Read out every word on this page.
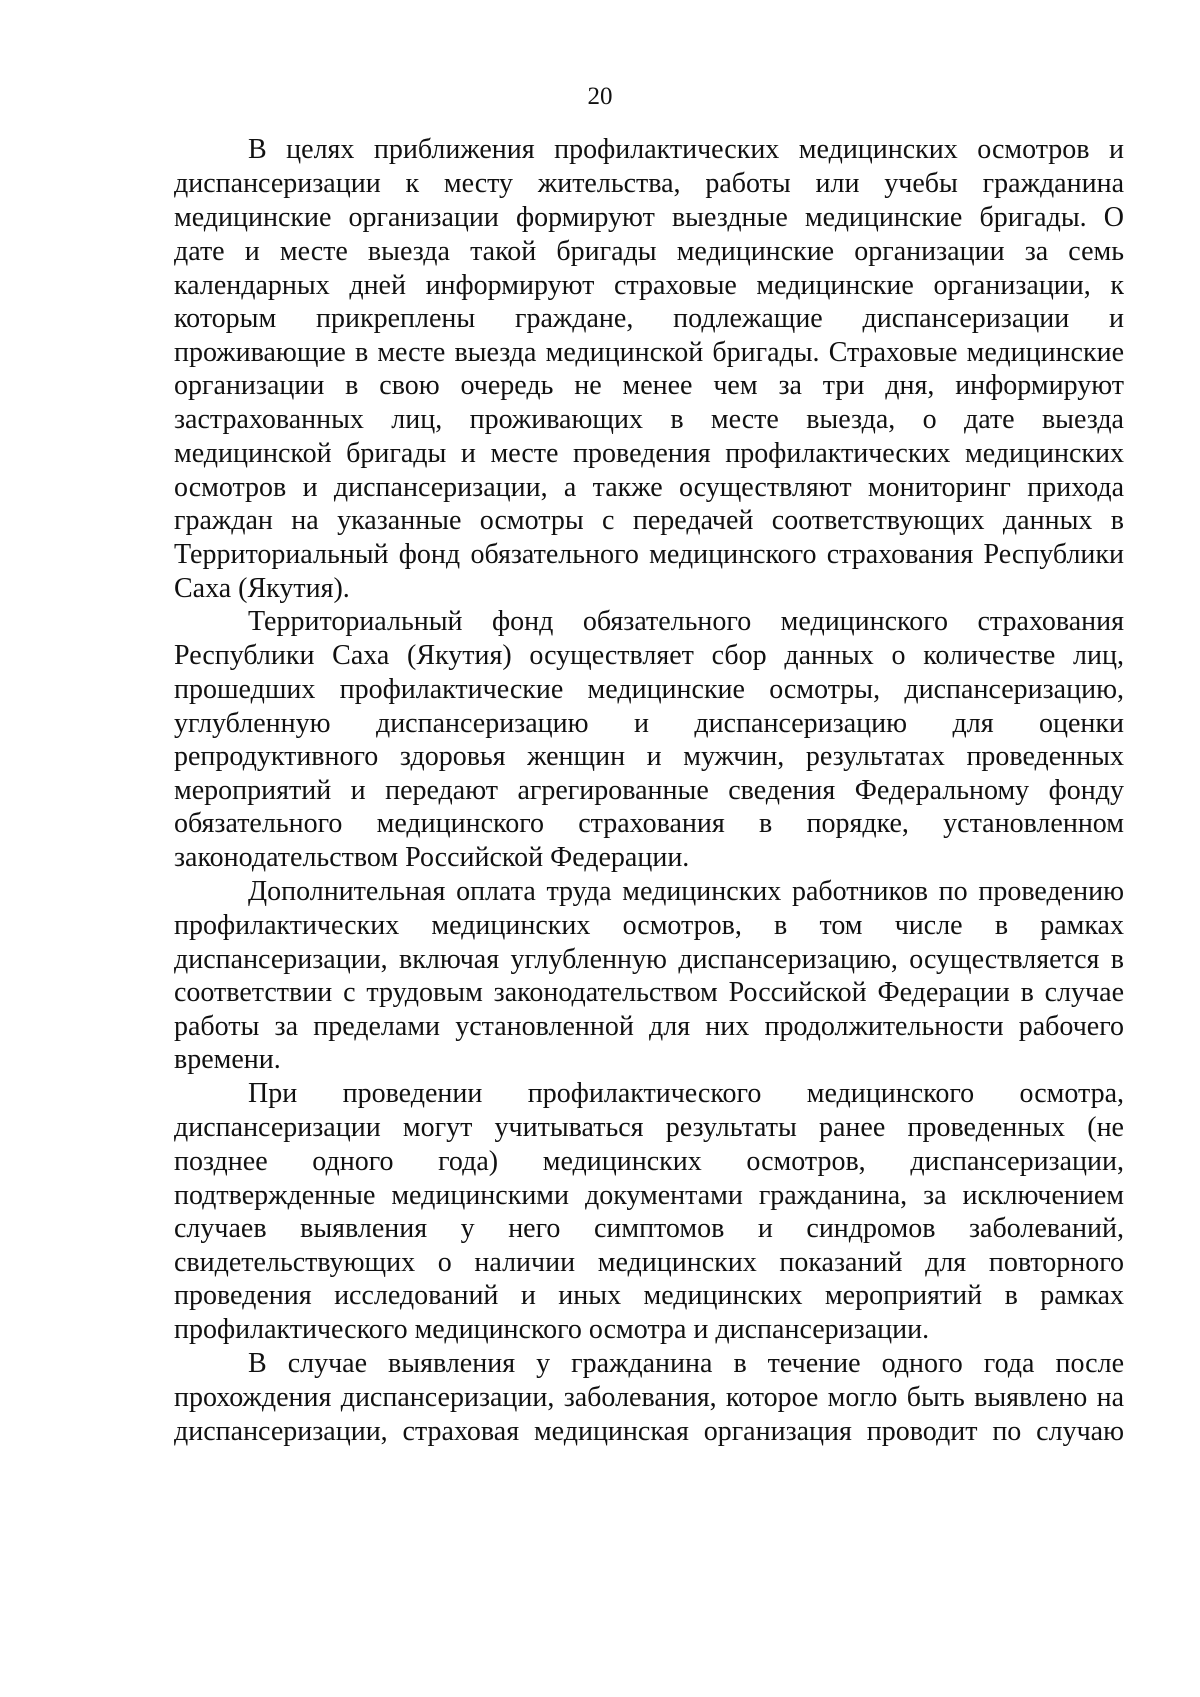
20
В целях приближения профилактических медицинских осмотров и
диспансеризации к месту жительства, работы или учебы гражданина
медицинские организации формируют выездные медицинские бригады. О
дате и месте выезда такой бригады медицинские организации за семь
календарных дней информируют страховые медицинские организации, к
которым прикреплены граждане, подлежащие диспансеризации и
проживающие в месте выезда медицинской бригады. Страховые медицинские
организации в свою очередь не менее чем за три дня, информируют
застрахованных лиц, проживающих в месте выезда, о дате выезда
медицинской бригады и месте проведения профилактических медицинских
осмотров и диспансеризации, а также осуществляют мониторинг прихода
граждан на указанные осмотры с передачей соответствующих данных в
Территориальный фонд обязательного медицинского страхования Республики
Саха (Якутия).
Территориальный фонд обязательного медицинского страхования
Республики Саха (Якутия) осуществляет сбор данных о количестве лиц,
прошедших профилактические медицинские осмотры, диспансеризацию,
углубленную диспансеризацию и диспансеризацию для оценки
репродуктивного здоровья женщин и мужчин, результатах проведенных
мероприятий и передают агрегированные сведения Федеральному фонду
обязательного медицинского страхования в порядке, установленном
законодательством Российской Федерации.
Дополнительная оплата труда медицинских работников по проведению
профилактических медицинских осмотров, в том числе в рамках
диспансеризации, включая углубленную диспансеризацию, осуществляется в
соответствии с трудовым законодательством Российской Федерации в случае
работы за пределами установленной для них продолжительности рабочего
времени.
При проведении профилактического медицинского осмотра,
диспансеризации могут учитываться результаты ранее проведенных (не
позднее одного года) медицинских осмотров, диспансеризации,
подтвержденные медицинскими документами гражданина, за исключением
случаев выявления у него симптомов и синдромов заболеваний,
свидетельствующих о наличии медицинских показаний для повторного
проведения исследований и иных медицинских мероприятий в рамках
профилактического медицинского осмотра и диспансеризации.
В случае выявления у гражданина в течение одного года после
прохождения диспансеризации, заболевания, которое могло быть выявлено на
диспансеризации, страховая медицинская организация проводит по случаю
